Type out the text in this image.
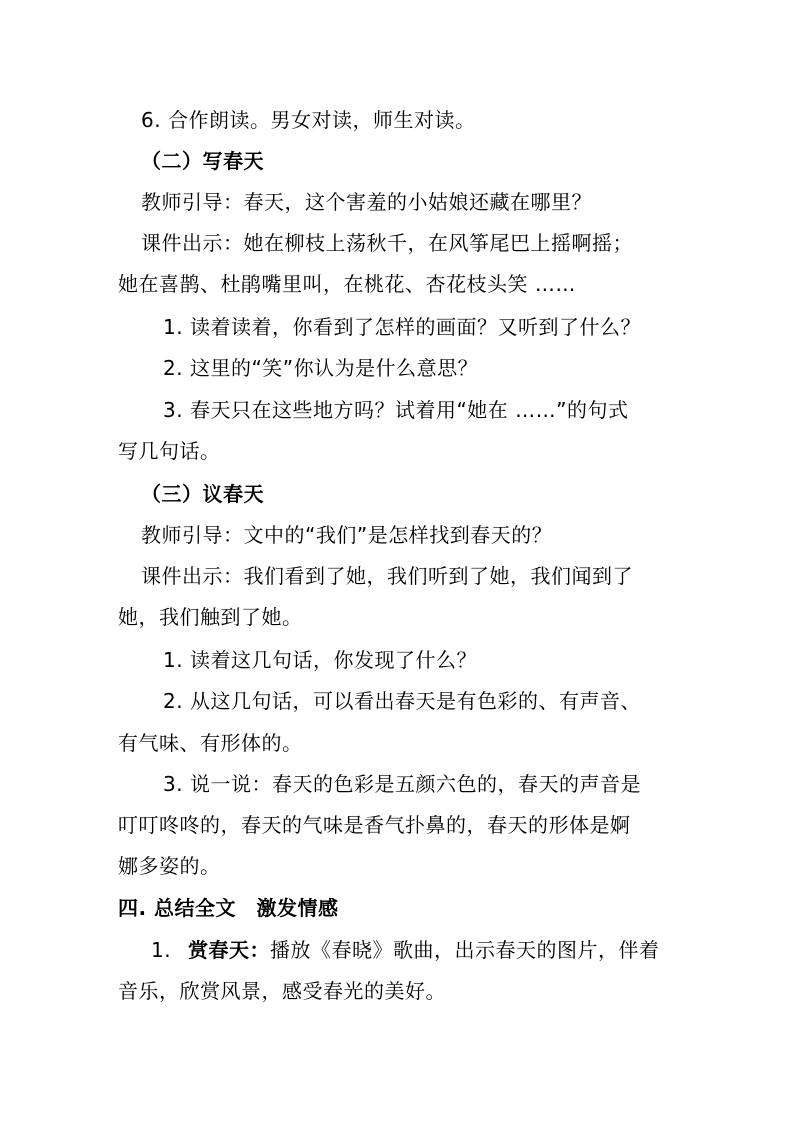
6. 合作朗读。男女对读，师生对读。
（二）写春天
教师引导：春天，这个害羞的小姑娘还藏在哪里？
课件出示：她在柳枝上荡秋千，在风筝尾巴上摇啊摇；
她在喜鹊、杜鹃嘴里叫，在桃花、杏花枝头笑 ……
1. 读着读着，你看到了怎样的画面？又听到了什么？
2. 这里的“笑”你认为是什么意思？
3. 春天只在这些地方吗？试着用“她在 ……”的句式
写几句话。
（三）议春天
教师引导：文中的“我们”是怎样找到春天的？
课件出示：我们看到了她，我们听到了她，我们闻到了
她，我们触到了她。
1. 读着这几句话，你发现了什么？
2. 从这几句话，可以看出春天是有色彩的、有声音、
有气味、有形体的。
3. 说一说：春天的色彩是五颜六色的，春天的声音是
叮叮咚咚的，春天的气味是香气扑鼻的，春天的形体是婀
娜多姿的。
四. 总结全文　激发情感
1. 赏春天：播放《春晓》歌曲，出示春天的图片，伴着
音乐，欣赏风景，感受春光的美好。
